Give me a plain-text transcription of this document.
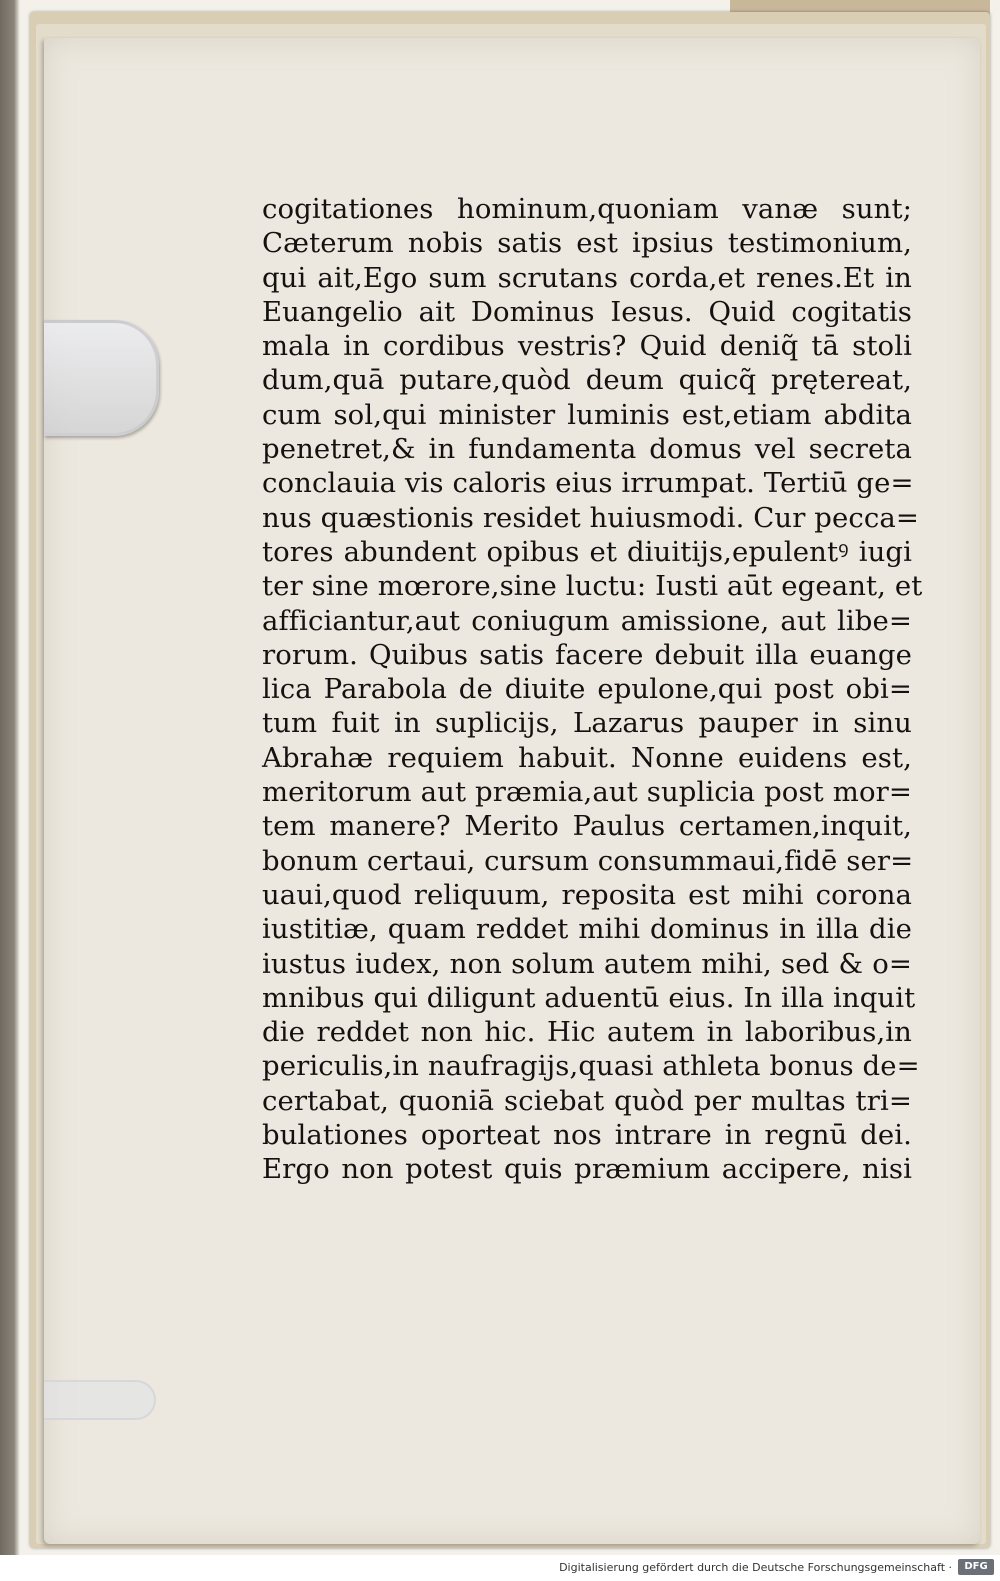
cogitationes hominum,quoniam vanæ sunt;
Cæterum nobis satis est ipsius testimonium,
qui ait,Ego sum scrutans corda,et renes.Et in
Euangelio ait Dominus Iesus. Quid cogitatis
mala in cordibus vestris? Quid deniq̃ tā stoli
dum,quā putare,quòd deum quicq̃ prętereat,
cum sol,qui minister luminis est,etiam abdita
penetret,& in fundamenta domus vel secreta
conclauia vis caloris eius irrumpat. Tertiū ge=
nus quæstionis residet huiusmodi. Cur pecca=
tores abundent opibus et diuitijs,epulentꝰ iugi
ter sine mœrore,sine luctu: Iusti aūt egeant, et
afficiantur,aut coniugum amissione, aut libe=
rorum. Quibus satis facere debuit illa euange
lica Parabola de diuite epulone,qui post obi=
tum fuit in suplicijs, Lazarus pauper in sinu
Abrahæ requiem habuit. Nonne euidens est,
meritorum aut præmia,aut suplicia post mor=
tem manere? Merito Paulus certamen,inquit,
bonum certaui, cursum consummaui,fidē ser=
uaui,quod reliquum, reposita est mihi corona
iustitiæ, quam reddet mihi dominus in illa die
iustus iudex, non solum autem mihi, sed & o=
mnibus qui diligunt aduentū eius. In illa inquit
die reddet non hic. Hic autem in laboribus,in
periculis,in naufragijs,quasi athleta bonus de=
certabat, quoniā sciebat quòd per multas tri=
bulationes oporteat nos intrare in regnū dei.
Ergo non potest quis præmium accipere, nisi
Digitalisierung gefördert durch die Deutsche Forschungsgemeinschaft ·	DFG
